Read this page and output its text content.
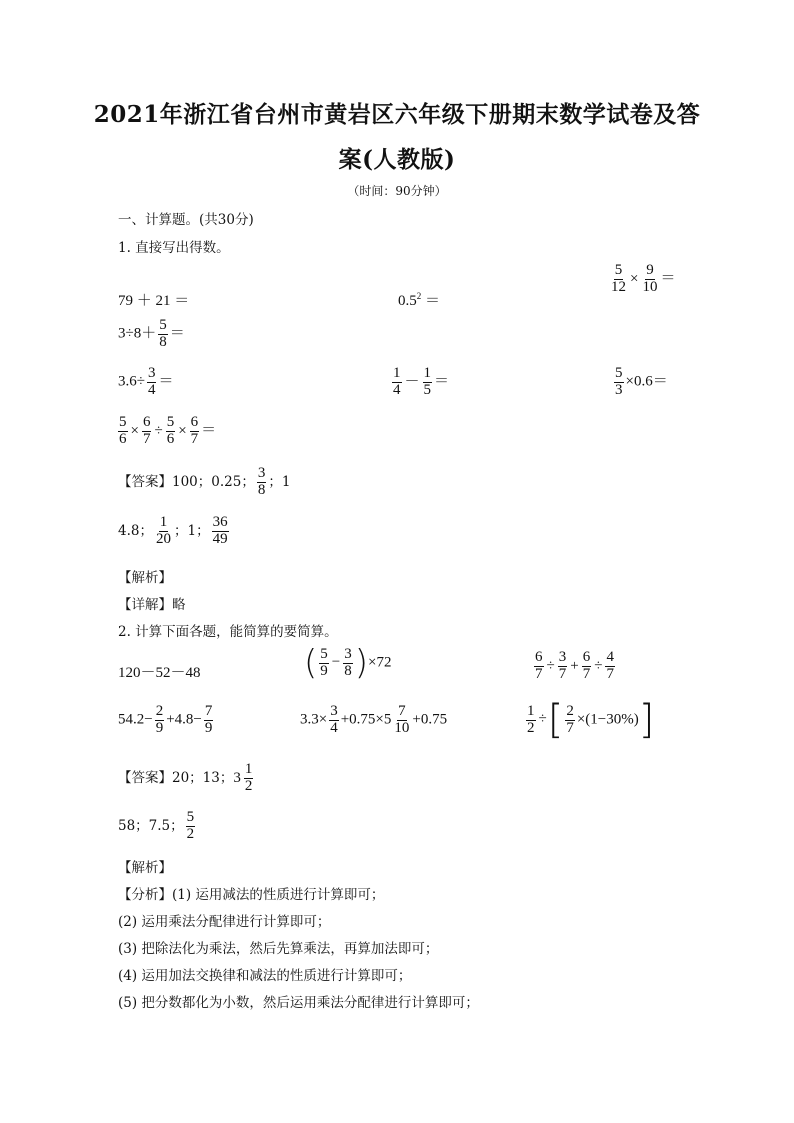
2021年浙江省台州市黄岩区六年级下册期末数学试卷及答
案(人教版)
（时间：90分钟）
一、计算题。(共30分)
1. 直接写出得数。
79 ＋ 21 ＝	$0.5^2$ ＝
$\frac{5}{12} \times \frac{9}{10}$ ＝
$3\div 8+ \frac{5}{8}$ ＝
$3.6\div \frac{3}{4}$ ＝	$\frac{1}{4} - \frac{1}{5}$ ＝	$\frac{5}{3} \times 0.6=$
$\frac{5}{6} \times \frac{6}{7} \div \frac{5}{6} \times \frac{6}{7}$ ＝
【答案】100；0.25； $\frac{3}{8}$ ；1
4.8； $\frac{1}{20}$ ；1； $\frac{36}{49}$
【解析】
【详解】略
2. 计算下面各题，能简算的要简算。
120－52－48	( $\frac{5}{9} - \frac{3}{8} )\times 72$	$\frac{6}{7} \div \frac{3}{7} + \frac{6}{7} \div \frac{4}{7}$
$54.2- \frac{2}{9} +4.8- \frac{7}{9}$	$3.3\times \frac{3}{4} +0.75\times 5 \frac{7}{10} +0.75$	$\frac{1}{2}$ ÷[ $\frac{2}{7} \times(1-30\%)$]
【答案】20；13； $3 \frac{1}{2}$
58；7.5； $\frac{5}{2}$
【解析】
【分析】(1) 运用减法的性质进行计算即可；
(2) 运用乘法分配律进行计算即可；
(3) 把除法化为乘法，然后先算乘法，再算加法即可；
(4) 运用加法交换律和减法的性质进行计算即可；
(5) 把分数都化为小数，然后运用乘法分配律进行计算即可；
